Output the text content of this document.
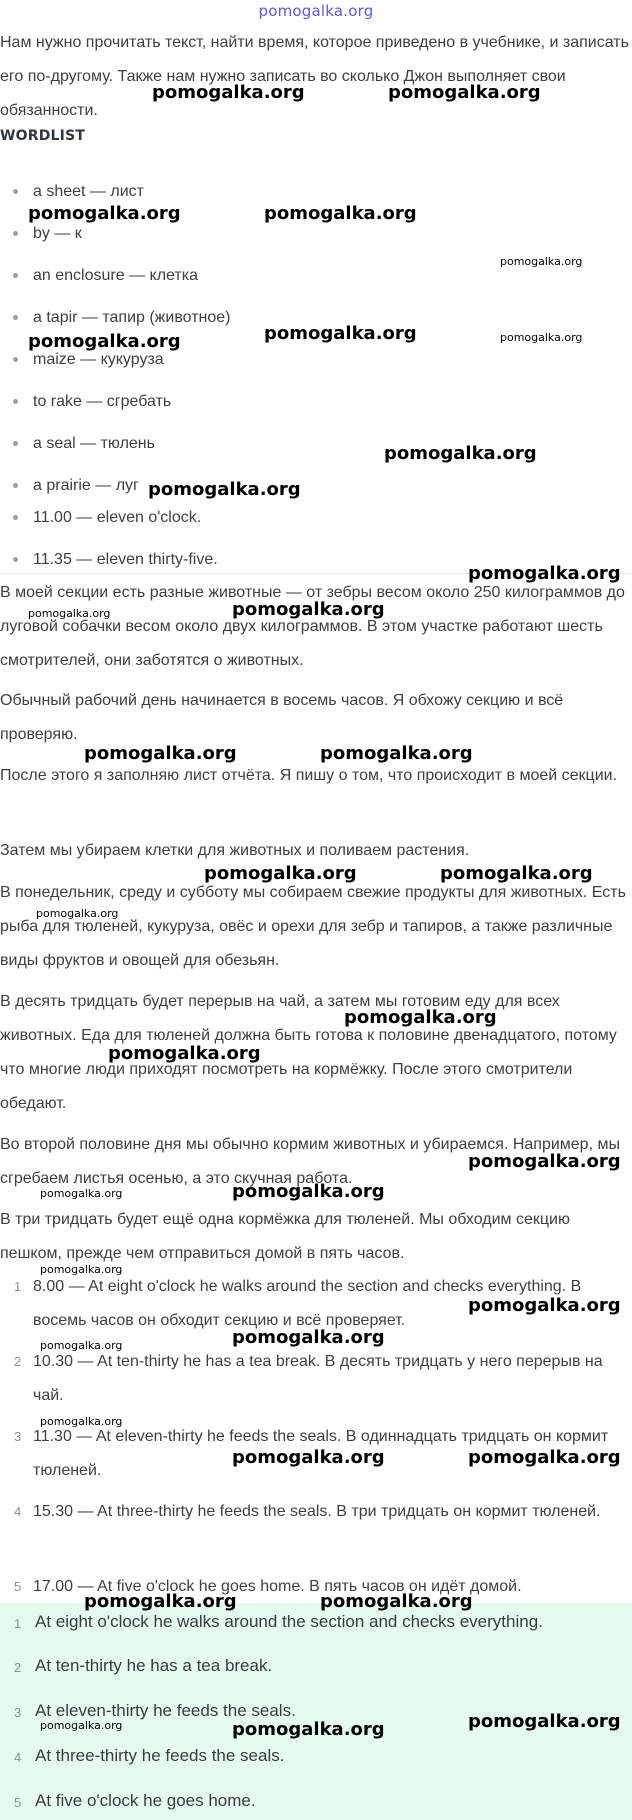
pomogalka.org

Нам нужно прочитать текст, найти время, которое приведено в учебнике, и записать его по-другому. Также нам нужно записать во сколько Джон выполняет свои обязанности.

WORDLIST
a sheet — лист
by — к
an enclosure — клетка
a tapir — тапир (животное)
maize — кукуруза
to rake — сгребать
a seal — тюлень
a prairie — луг
11.00 — eleven o'clock.
11.35 — eleven thirty-five.

В моей секции есть разные животные — от зебры весом около 250 килограммов до луговой собачки весом около двух килограммов. В этом участке работают шесть смотрителей, они заботятся о животных.

Обычный рабочий день начинается в восемь часов. Я обхожу секцию и всё проверяю.

После этого я заполняю лист отчёта. Я пишу о том, что происходит в моей секции.

Затем мы убираем клетки для животных и поливаем растения.

В понедельник, среду и субботу мы собираем свежие продукты для животных. Есть рыба для тюленей, кукуруза, овёс и орехи для зебр и тапиров, а также различные виды фруктов и овощей для обезьян.

В десять тридцать будет перерыв на чай, а затем мы готовим еду для всех животных. Еда для тюленей должна быть готова к половине двенадцатого, потому что многие люди приходят посмотреть на кормёжку. После этого смотрители обедают.

Во второй половине дня мы обычно кормим животных и убираемся. Например, мы сгребаем листья осенью, а это скучная работа.

В три тридцать будет ещё одна кормёжка для тюленей. Мы обходим секцию пешком, прежде чем отправиться домой в пять часов.

1 8.00 — At eight o'clock he walks around the section and checks everything. В восемь часов он обходит секцию и всё проверяет.
2 10.30 — At ten-thirty he has a tea break. В десять тридцать у него перерыв на чай.
3 11.30 — At eleven-thirty he feeds the seals. В одиннадцать тридцать он кормит тюленей.
4 15.30 — At three-thirty he feeds the seals. В три тридцать он кормит тюленей.
5 17.00 — At five o'clock he goes home. В пять часов он идёт домой.
1 At eight o'clock he walks around the section and checks everything.
2 At ten-thirty he has a tea break.
3 At eleven-thirty he feeds the seals.
4 At three-thirty he feeds the seals.
5 At five o'clock he goes home.
pomogalka.org	pomogalka.org
pomogalka.org	pomogalka.org
pomogalka.org
pomogalka.org	pomogalka.org	pomogalka.org
pomogalka.org
pomogalka.org
pomogalka.org
pomogalka.org	pomogalka.org
pomogalka.org	pomogalka.org
pomogalka.org	pomogalka.org
pomogalka.org
pomogalka.org
pomogalka.org
pomogalka.org
pomogalka.org	pomogalka.org
pomogalka.org
pomogalka.org
pomogalka.org	pomogalka.org
pomogalka.org
pomogalka.org	pomogalka.org
pomogalka.org	pomogalka.org
pomogalka.org	pomogalka.org	pomogalka.org
